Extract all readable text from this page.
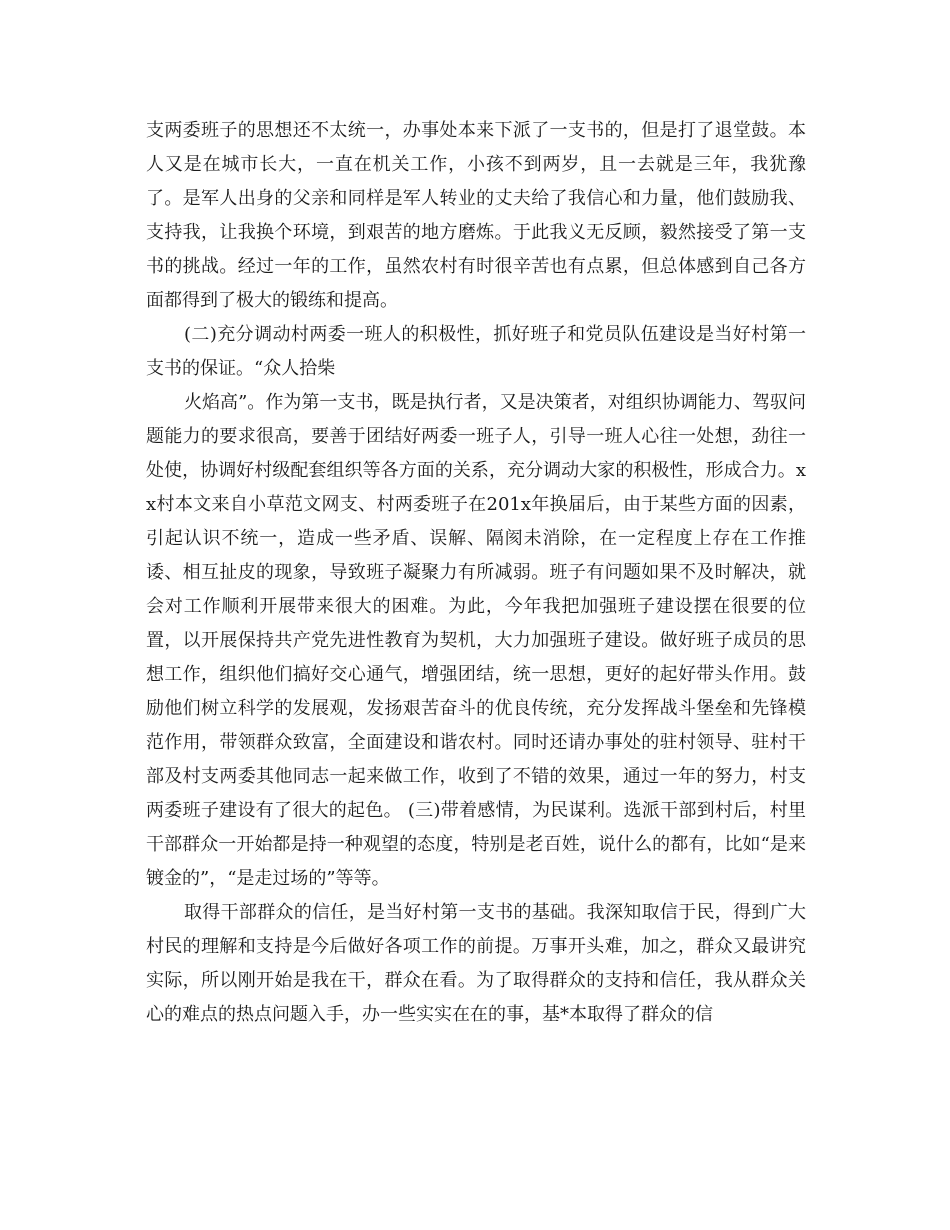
支两委班子的思想还不太统一，办事处本来下派了一支书的，但是打了退堂鼓。本人又是在城市长大，一直在机关工作，小孩不到两岁，且一去就是三年，我犹豫了。是军人出身的父亲和同样是军人转业的丈夫给了我信心和力量，他们鼓励我、支持我，让我换个环境，到艰苦的地方磨炼。于此我义无反顾，毅然接受了第一支书的挑战。经过一年的工作，虽然农村有时很辛苦也有点累，但总体感到自己各方面都得到了极大的锻练和提高。

(二)充分调动村两委一班人的积极性，抓好班子和党员队伍建设是当好村第一支书的保证。“众人拾柴

火焰高”。作为第一支书，既是执行者，又是决策者，对组织协调能力、驾驭问题能力的要求很高，要善于团结好两委一班子人，引导一班人心往一处想，劲往一处使，协调好村级配套组织等各方面的关系，充分调动大家的积极性，形成合力。xx村本文来自小草范文网支、村两委班子在201x年换届后，由于某些方面的因素，引起认识不统一，造成一些矛盾、误解、隔阂未消除，在一定程度上存在工作推诿、相互扯皮的现象，导致班子凝聚力有所减弱。班子有问题如果不及时解决，就会对工作顺利开展带来很大的困难。为此，今年我把加强班子建设摆在很要的位置，以开展保持共产党先进性教育为契机，大力加强班子建设。做好班子成员的思想工作，组织他们搞好交心通气，增强团结，统一思想，更好的起好带头作用。鼓励他们树立科学的发展观，发扬艰苦奋斗的优良传统，充分发挥战斗堡垒和先锋模范作用，带领群众致富，全面建设和谐农村。同时还请办事处的驻村领导、驻村干部及村支两委其他同志一起来做工作，收到了不错的效果，通过一年的努力，村支两委班子建设有了很大的起色。 (三)带着感情，为民谋利。选派干部到村后，村里干部群众一开始都是持一种观望的态度，特别是老百姓，说什么的都有，比如“是来镀金的”，“是走过场的”等等。

取得干部群众的信任，是当好村第一支书的基础。我深知取信于民，得到广大村民的理解和支持是今后做好各项工作的前提。万事开头难，加之，群众又最讲究实际，所以刚开始是我在干，群众在看。为了取得群众的支持和信任，我从群众关心的难点的热点问题入手，办一些实实在在的事，基*本取得了群众的信
